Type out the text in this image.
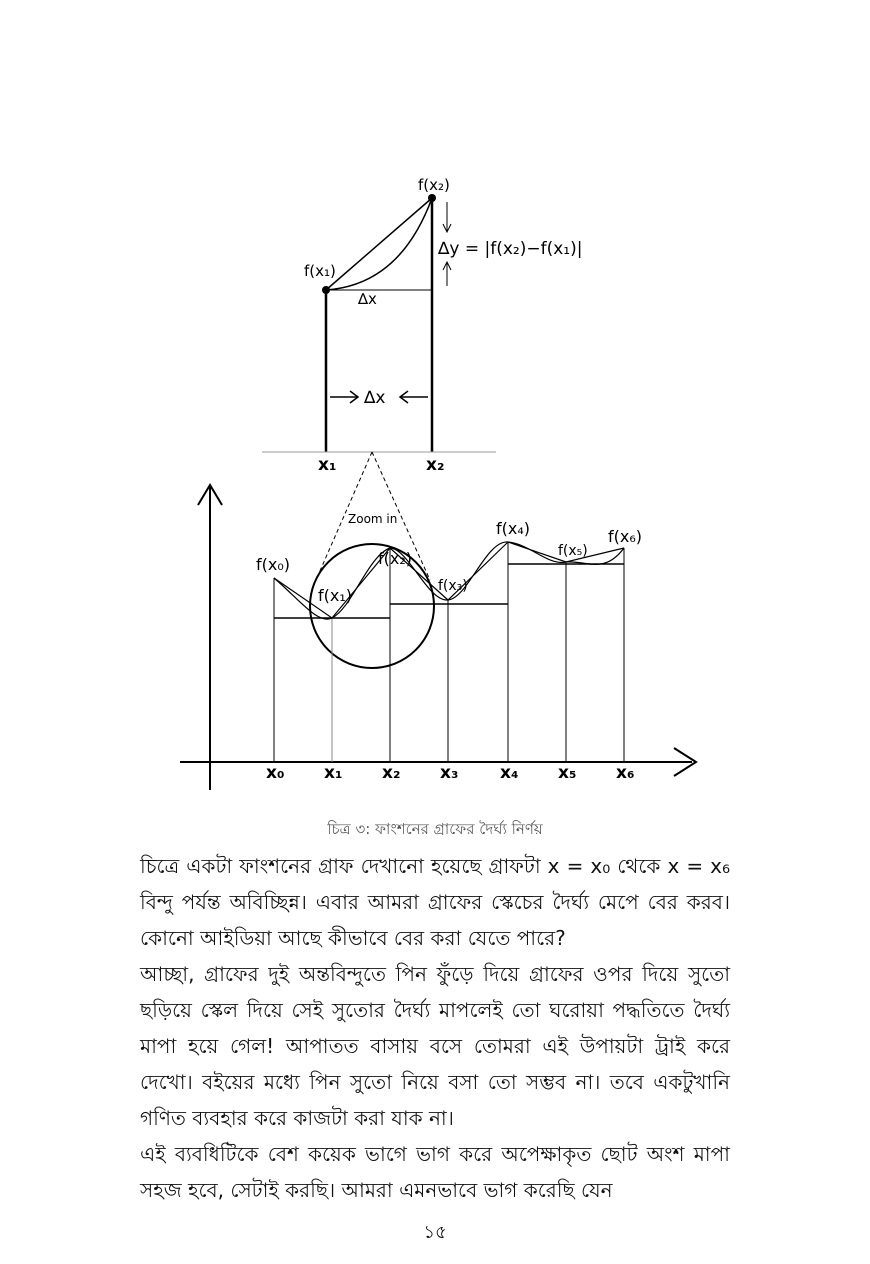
f(x₁)
f(x₂)
∆x
∆x
∆y = |f(x₂)−f(x₁)|
x₁	x₂
Zoom in
f(x₀)
f(x₁)
f(x₂)
f(x₃)
f(x₄)
f(x₅)
f(x₆)
x₀ x₁ x₂ x₃ x₄ x₅ x₆
চিত্র ৩: ফাংশনের গ্রাফের দৈর্ঘ্য নির্ণয়

চিত্রে একটা ফাংশনের গ্রাফ দেখানো হয়েছে গ্রাফটা x = x₀ থেকে x = x₆ বিন্দু পর্যন্ত অবিচ্ছিন্ন। এবার আমরা গ্রাফের স্কেচের দৈর্ঘ্য মেপে বের করব। কোনো আইডিয়া আছে কীভাবে বের করা যেতে পারে?

আচ্ছা, গ্রাফের দুই অন্তবিন্দুতে পিন ফুঁড়ে দিয়ে গ্রাফের ওপর দিয়ে সুতো ছড়িয়ে স্কেল দিয়ে সেই সুতোর দৈর্ঘ্য মাপলেই তো ঘরোয়া পদ্ধতিতে দৈর্ঘ্য মাপা হয়ে গেল! আপাতত বাসায় বসে তোমরা এই উপায়টা ট্রাই করে দেখো। বইয়ের মধ্যে পিন সুতো নিয়ে বসা তো সম্ভব না। তবে একটুখানি গণিত ব্যবহার করে কাজটা করা যাক না।

এই ব্যবধিটিকে বেশ কয়েক ভাগে ভাগ করে অপেক্ষাকৃত ছোট অংশ মাপা সহজ হবে, সেটাই করছি। আমরা এমনভাবে ভাগ করেছি যেন

১৫
